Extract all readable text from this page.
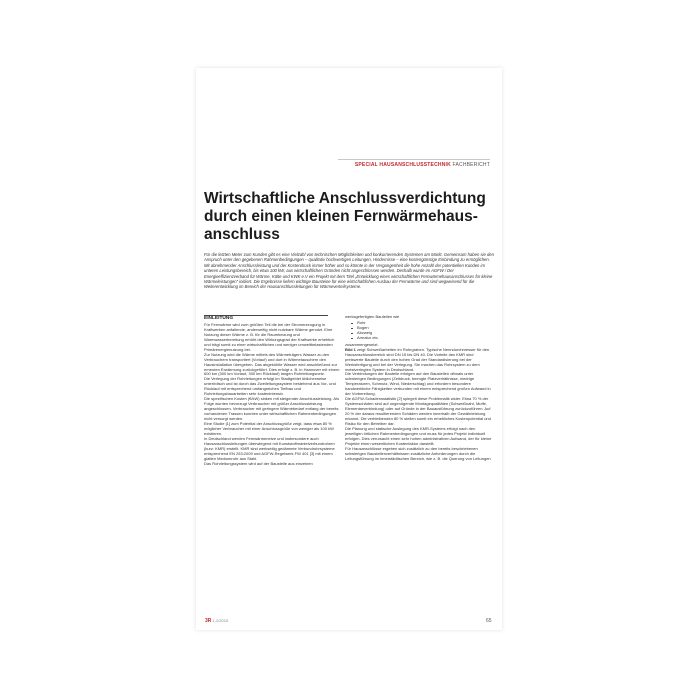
SPECIAL HAUSANSCHLUSSTECHNIK FACHBERICHT
Wirtschaftliche Anschlussverdichtung durch einen kleinen Fernwärmehausanschluss

Für die letzten Meter zum Kunden gibt es eine Vielzahl von technischen Möglichkeiten und konkurrierenden Systemen am Markt. Gemeinsam haben sie den Anspruch unter den gegebenen Rahmenbedingungen – qualitativ hochwertigen Leitungen, Hindernisse – eine kostengünstige Einbindung zu ermöglichen. Mit abnehmender Anschlussleistung und der Kostendruck immer höher und so könnte in der Vergangenheit die hohe Anzahl der potentiellen Kunden im unteren Leistungsbereich, bis etwa 100 kW, aus wirtschaftlichen Gründen nicht angeschlossen werden. Deshalb wurde im AGFW / Der Energieeffizienzverband für Wärme, Kälte und KWK e.V ein Projekt mit dem Titel „Entwicklung eines wirtschaftlichen Fernwärmehausanschlusses für kleine Wärmeleistungen“ initiiert. Die Ergebnisse liefern wichtige Bausteine für eine wirtschaftlichen Ausbau der Fernwärme und sind wegweisend für die Weiterentwicklung im Bereich der Hausanschlussleitungen für Wärmeverteilsysteme.

EINLEITUNG

Für Fernwärme wird zum größten Teil die bei der Stromerzeugung in Kraftwerken anfallende, anderweitig nicht nutzbare Wärme genutzt. Eine Nutzung dieser Wärme z. B. für die Raumheizung und Warmwasserbereitung erhöht den Wirkungsgrad der Kraftwerke erheblich und trägt somit zu einer wirtschaftlichen und weniger umweltbelastenden Primärenergienutzung bei.

Zur Nutzung wird die Wärme mittels des Wärmeträgers Wasser zu den Verbrauchern transportiert (Vorlauf) und dort in Wärmetauschern den Hausinstallation übergeben. Das abgekühlte Wasser wird anschließend zur erneuten Erwärmung zurückgeführt. Dies erfolgt z. B. in Hannover mit einem 600 km (300 km Vorlauf, 300 km Rücklauf) langen Rohrleitungsnetz.

Die Verlegung der Rohrleitungen erfolgt im Stadtgebiet üblicherweise unterirdisch und ist durch das Zweileitungssystem bestehend aus Vor- und Rücklauf mit entsprechend umfangreichen Tiefbau und Rohrleitungsbauarbeiten sehr kostenintensiv.

Die spezifischen Kosten (€/kW) sinken mit steigender Anschlussleistung. Als Folge wurden bevorzugt Verbraucher mit größer Anschlussleistung angeschlossen. Verbraucher mit geringem Wärmebedarf entlang der bereits vorhandenen Trassen konnten unter wirtschaftlichen Rahmenbedingungen nicht versorgt werden.

Eine Studie [1] zum Potential der Anschlussgröße zeigt, dass etwa 80 % möglicher Verbraucher mit einer Anschlussgröße von weniger als 100 kW existieren.

In Deutschland werden Fernwärmenetze und insbesondere auch Hausanschlussleitungen überwiegend mit Kunststoffmantelverbundrohren (kurz: KMR) erstellt. KMR sind werkseitig gedämmte Verbundrohrsysteme entsprechend EN 253:2009 und AGFW-Regelwerk FW 401 [3] mit einem glatten Mediumrohr aus Stahl.

Das Rohrleitungssystem wird auf der Baustelle aus einzelnen

werksgefertigten Bauteilen wie

Rohr
Bogen
Abzweig
Armatur etc.

zusammengesetzt.

Bild 1 zeigt Schweißarbeiten im Rohrgraben. Typische Nenndurchmesser für den Hausanschlussbereich sind DN 15 bis DN 40. Die Vorteile des KMR sind preiswerte Bauteile durch den hohen Grad der Standardisierung bei der Werksfertigung und bei der Verlegung. Sie machen das Rohrsystem zu dem meistverlegten System in Deutschland.

Die Verbindungen der Bauteile erfolgen auf den Baustellen oftmals unter schwierigen Bedingungen (Zeitdruck, beengte Platzverhältnisse, niedrige Temperaturen, Schmutz, Wind, Niederschlag) und erfordern besondere handwerkliche Fähigkeiten verbunden mit einem entsprechend großen Aufwand in der Vorbereitung.

Die AGFW-Schadensstatistik [2] spiegelt diese Problematik wider. Etwa 70 % der Systemschäden sind auf ungenügende Montagequalitäten (Schweißnaht, Muffe, Elementarverbindung) oder auf Gründe in der Bauausführung zurückzuführen. Auf 20 % der daraus resultierenden Schäden werden innerhalb der Gewährleistung erkannt. Die verbleibenden 80 % stellen somit ein erhebliches Kostenpotential und Risiko für den Betreiber dar.

Die Planung und statische Auslegung des KMR-Systems erfolgt nach den jeweiligen örtlichen Rahmenbedingungen und muss für jedes Projekt individuell erfolgen. Dies verursacht einen sehr hohen administrativen Aufwand, der für kleine Projekte einen wesentlichen Kostenfaktor darstellt.

Für Hausanschlüsse ergeben sich zusätzlich zu den bereits beschriebenen schwierigen Baustellenverhältnissen zusätzliche Anforderungen durch die Leitungsführung im innerstädtischen Bereich, wie z. B. die Querung von Leitungen

3R1-2/2015	65
